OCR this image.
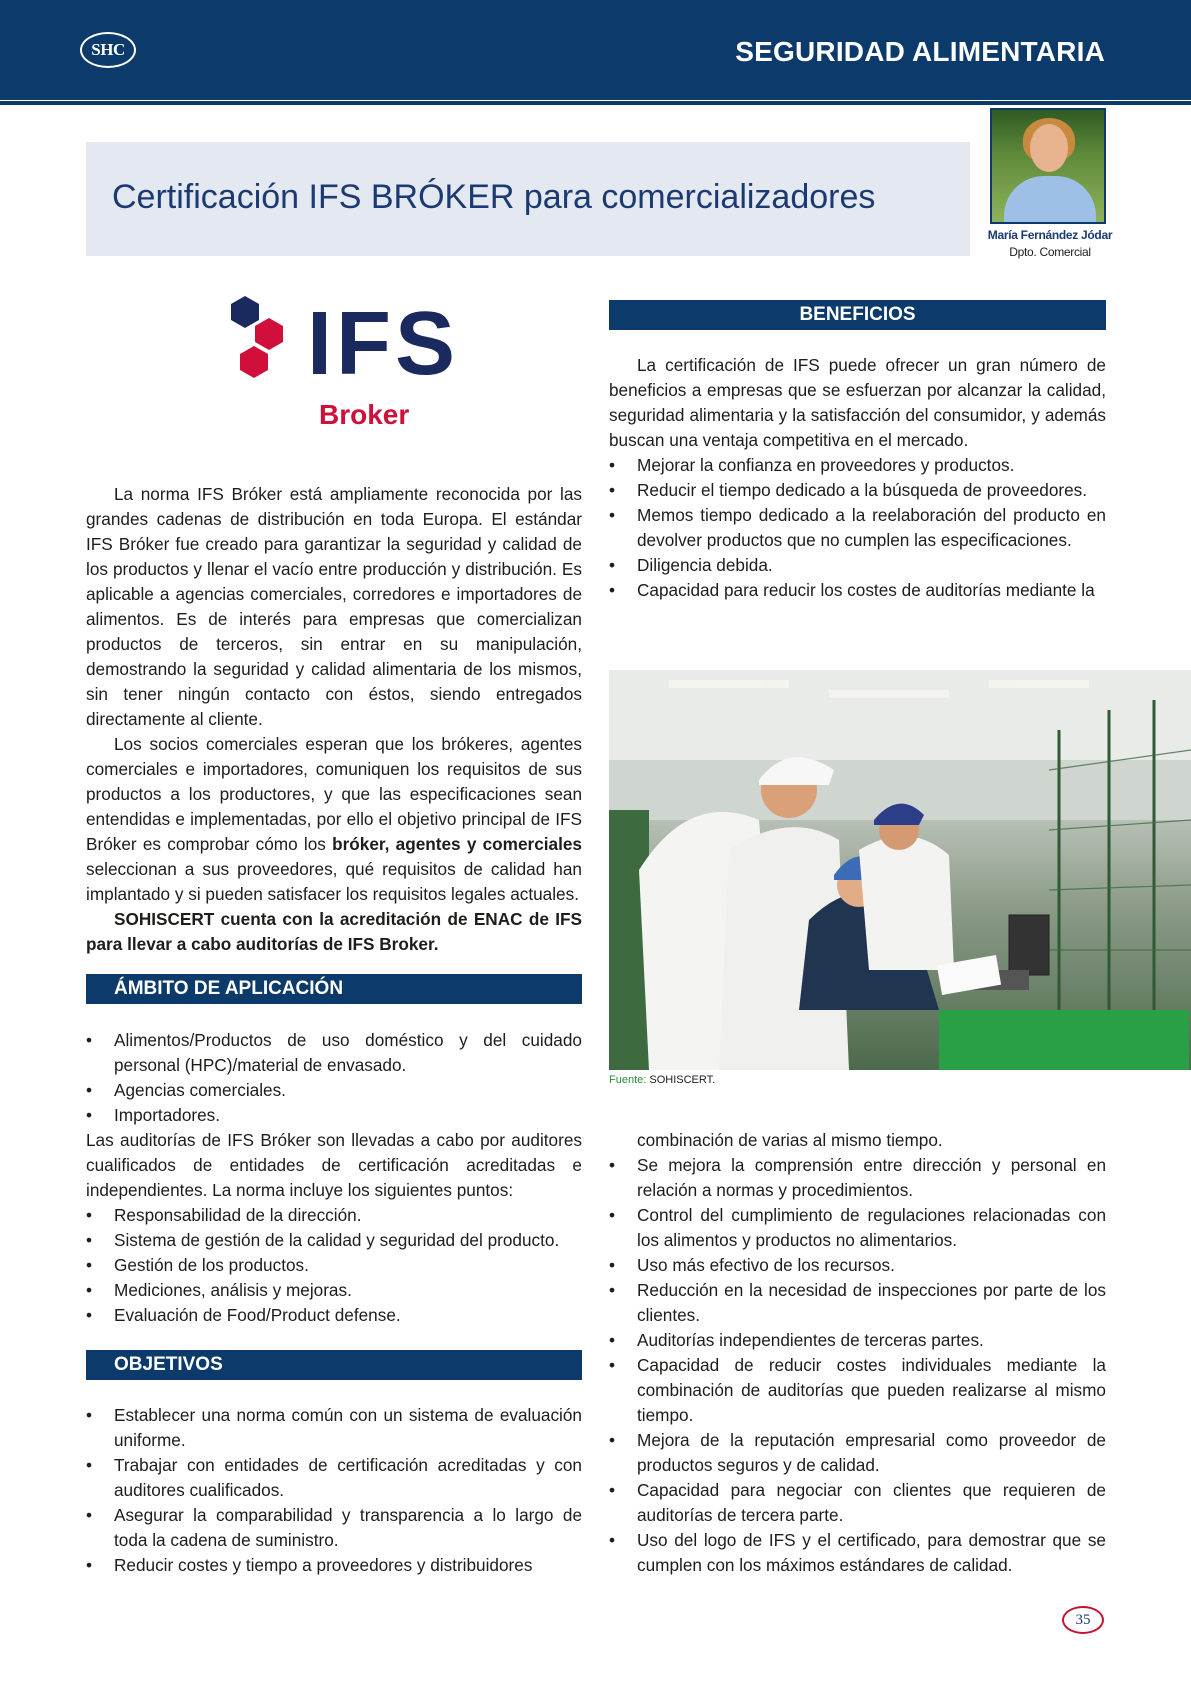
SHC	SEGURIDAD ALIMENTARIA
Certificación IFS BRÓKER para comercializadores
María Fernández Jódar
Dpto. Comercial
IFS
Broker

La norma IFS Bróker está ampliamente reconocida por las grandes cadenas de distribución en toda Europa. El estándar IFS Bróker fue creado para garantizar la seguridad y calidad de los productos y llenar el vacío entre producción y distribución. Es aplicable a agencias comerciales, corredores e importadores de alimentos. Es de interés para empresas que comercializan productos de terceros, sin entrar en su manipulación, demostrando la seguridad y calidad alimentaria de los mismos, sin tener ningún contacto con éstos, siendo entregados directamente al cliente.

Los socios comerciales esperan que los brókeres, agentes comerciales e importadores, comuniquen los requisitos de sus productos a los productores, y que las especificaciones sean entendidas e implementadas, por ello el objetivo principal de IFS Bróker es comprobar cómo los bróker, agentes y comerciales seleccionan a sus proveedores, qué requisitos de calidad han implantado y si pueden satisfacer los requisitos legales actuales.

SOHISCERT cuenta con la acreditación de ENAC de IFS para llevar a cabo auditorías de IFS Broker.

ÁMBITO DE APLICACIÓN
• Alimentos/Productos de uso doméstico y del cuidado personal (HPC)/material de envasado.
• Agencias comerciales.
• Importadores.

Las auditorías de IFS Bróker son llevadas a cabo por auditores cualificados de entidades de certificación acreditadas e independientes. La norma incluye los siguientes puntos:

• Responsabilidad de la dirección.
• Sistema de gestión de la calidad y seguridad del producto.
• Gestión de los productos.
• Mediciones, análisis y mejoras.
• Evaluación de Food/Product defense.
OBJETIVOS
• Establecer una norma común con un sistema de evaluación uniforme.
• Trabajar con entidades de certificación acreditadas y con auditores cualificados.
• Asegurar la comparabilidad y transparencia a lo largo de toda la cadena de suministro.
• Reducir costes y tiempo a proveedores y distribuidores
BENEFICIOS

La certificación de IFS puede ofrecer un gran número de beneficios a empresas que se esfuerzan por alcanzar la calidad, seguridad alimentaria y la satisfacción del consumidor, y además buscan una ventaja competitiva en el mercado.

• Mejorar la confianza en proveedores y productos.
• Reducir el tiempo dedicado a la búsqueda de proveedores.
• Memos tiempo dedicado a la reelaboración del producto en devolver productos que no cumplen las especificaciones.
• Diligencia debida.
• Capacidad para reducir los costes de auditorías mediante la
Fuente: SOHISCERT.

combinación de varias al mismo tiempo.

• Se mejora la comprensión entre dirección y personal en relación a normas y procedimientos.
• Control del cumplimiento de regulaciones relacionadas con los alimentos y productos no alimentarios.
• Uso más efectivo de los recursos.
• Reducción en la necesidad de inspecciones por parte de los clientes.
• Auditorías independientes de terceras partes.
• Capacidad de reducir costes individuales mediante la combinación de auditorías que pueden realizarse al mismo tiempo.
• Mejora de la reputación empresarial como proveedor de productos seguros y de calidad.
• Capacidad para negociar con clientes que requieren de auditorías de tercera parte.
• Uso del logo de IFS y el certificado, para demostrar que se cumplen con los máximos estándares de calidad.
35
